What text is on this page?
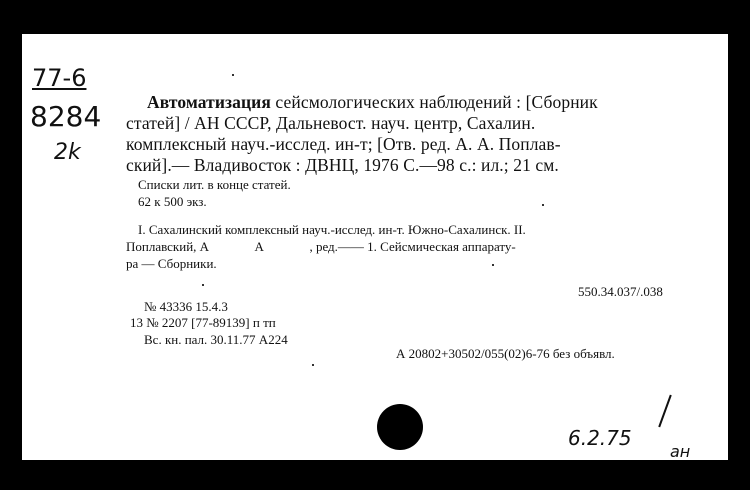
77-6
8284
2k
Автоматизация сейсмологических наблюдений : [Сборник
статей] / АН СССР, Дальневост. науч. центр, Сахалин.
комплексный науч.-исслед. ин-т; [Отв. ред. А. А. Поплав-
ский].— Владивосток : ДВНЦ, 1976 С.—98 с.: ил.; 21 см.
Списки лит. в конце статей.
62 к 500 экз.
I. Сахалинский комплексный науч.-исслед. ин-т. Южно-Сахалинск. II.
Поплавский, А              А              , ред.—— 1. Сейсмическая аппарату-
ра — Сборники.
550.34.037/.038
№ 43336 15.4.3
13 № 2207 [77-89139] п тп
Вс. кн. пал. 30.11.77 А224
А 20802+30502/055(02)6-76 без объявл.
6.2.75
ан
